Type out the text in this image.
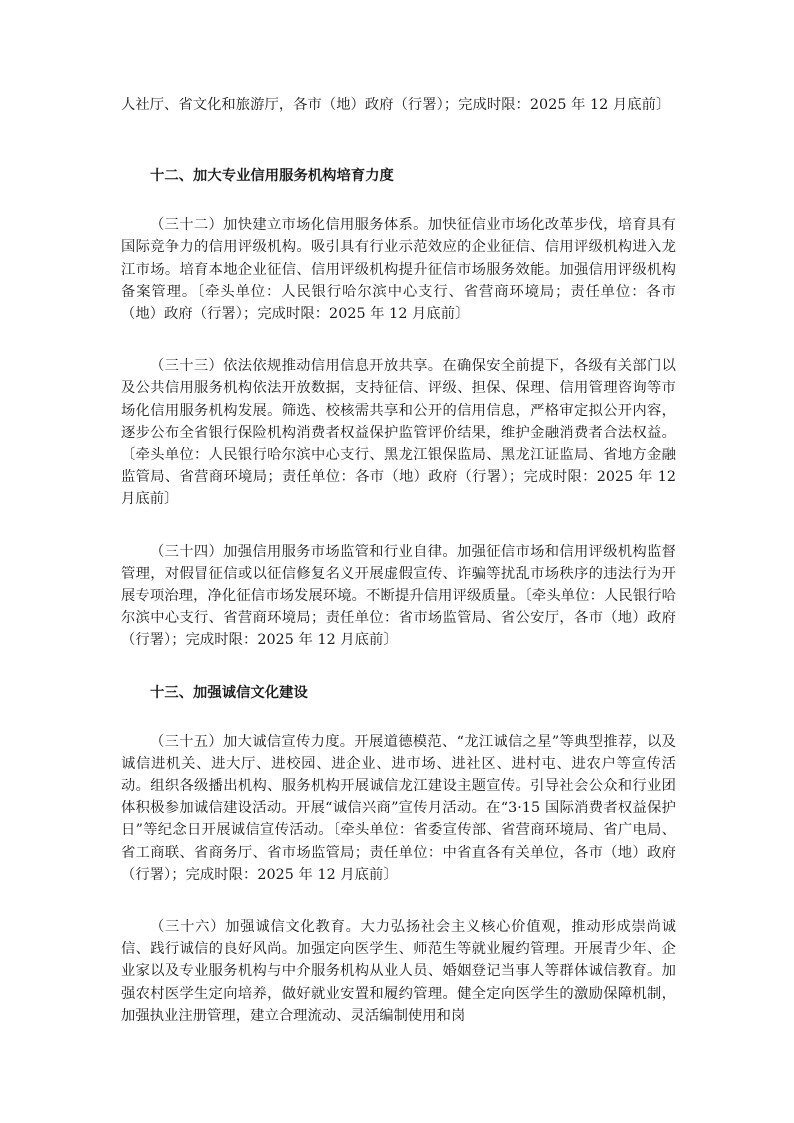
人社厅、省文化和旅游厅，各市（地）政府（行署）；完成时限：2025 年 12 月底前〕

十二、加大专业信用服务机构培育力度

（三十二）加快建立市场化信用服务体系。加快征信业市场化改革步伐，培育具有国际竞争力的信用评级机构。吸引具有行业示范效应的企业征信、信用评级机构进入龙江市场。培育本地企业征信、信用评级机构提升征信市场服务效能。加强信用评级机构备案管理。〔牵头单位：人民银行哈尔滨中心支行、省营商环境局；责任单位：各市（地）政府（行署）；完成时限：2025 年 12 月底前〕

（三十三）依法依规推动信用信息开放共享。在确保安全前提下，各级有关部门以及公共信用服务机构依法开放数据，支持征信、评级、担保、保理、信用管理咨询等市场化信用服务机构发展。筛选、校核需共享和公开的信用信息，严格审定拟公开内容，逐步公布全省银行保险机构消费者权益保护监管评价结果，维护金融消费者合法权益。〔牵头单位：人民银行哈尔滨中心支行、黑龙江银保监局、黑龙江证监局、省地方金融监管局、省营商环境局；责任单位：各市（地）政府（行署）；完成时限：2025 年 12 月底前〕

（三十四）加强信用服务市场监管和行业自律。加强征信市场和信用评级机构监督管理，对假冒征信或以征信修复名义开展虚假宣传、诈骗等扰乱市场秩序的违法行为开展专项治理，净化征信市场发展环境。不断提升信用评级质量。〔牵头单位：人民银行哈尔滨中心支行、省营商环境局；责任单位：省市场监管局、省公安厅，各市（地）政府（行署）；完成时限：2025 年 12 月底前〕

十三、加强诚信文化建设

（三十五）加大诚信宣传力度。开展道德模范、“龙江诚信之星”等典型推荐，以及诚信进机关、进大厅、进校园、进企业、进市场、进社区、进村屯、进农户等宣传活动。组织各级播出机构、服务机构开展诚信龙江建设主题宣传。引导社会公众和行业团体积极参加诚信建设活动。开展“诚信兴商”宣传月活动。在“3·15 国际消费者权益保护日”等纪念日开展诚信宣传活动。〔牵头单位：省委宣传部、省营商环境局、省广电局、省工商联、省商务厅、省市场监管局；责任单位：中省直各有关单位，各市（地）政府（行署）；完成时限：2025 年 12 月底前〕

（三十六）加强诚信文化教育。大力弘扬社会主义核心价值观，推动形成崇尚诚信、践行诚信的良好风尚。加强定向医学生、师范生等就业履约管理。开展青少年、企业家以及专业服务机构与中介服务机构从业人员、婚姻登记当事人等群体诚信教育。加强农村医学生定向培养，做好就业安置和履约管理。健全定向医学生的激励保障机制，加强执业注册管理，建立合理流动、灵活编制使用和岗
